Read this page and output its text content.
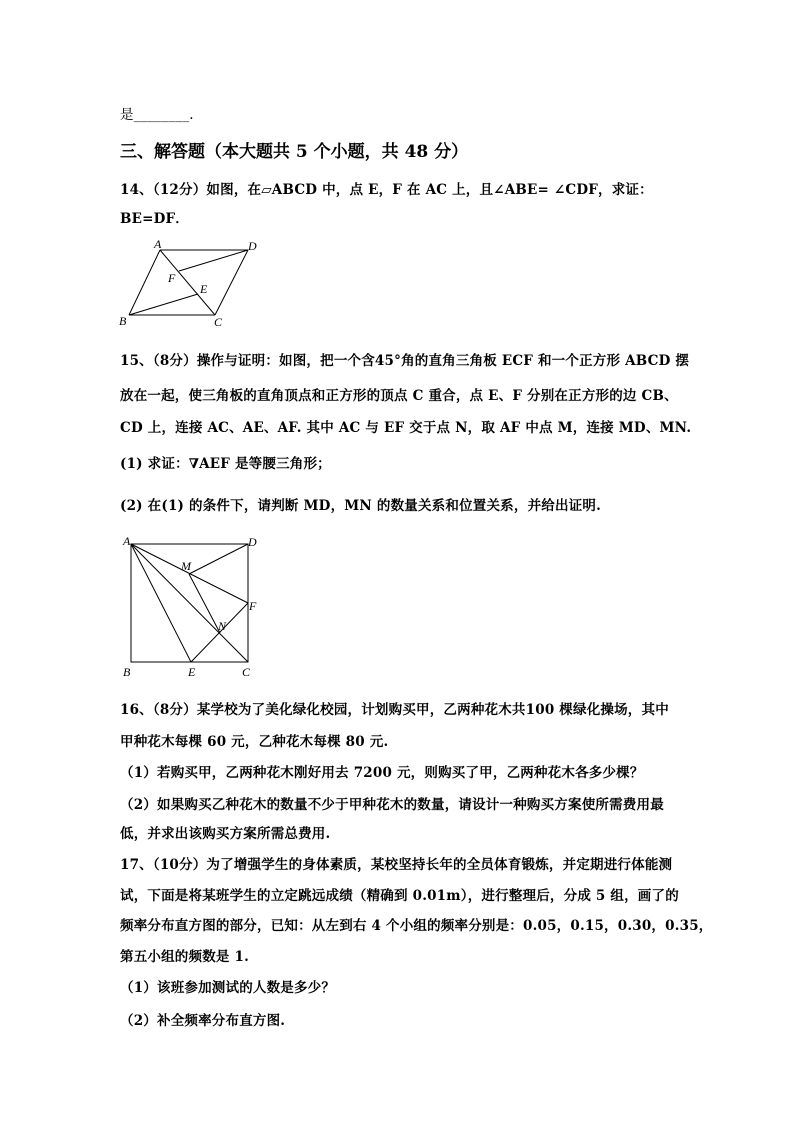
是________.
三、解答题（本大题共 5 个小题，共 48 分）
14、（12分）如图，在▱ABCD 中，点 E，F 在 AC 上，且∠ABE= ∠CDF，求证：
BE=DF．
A	D
F
E
B	C
15、（8分）操作与证明：如图，把一个含45°角的直角三角板 ECF 和一个正方形 ABCD 摆
放在一起，使三角板的直角顶点和正方形的顶点 C 重合，点 E、F 分别在正方形的边 CB、
CD 上，连接 AC、AE、AF. 其中 AC 与 EF 交于点 N，取 AF 中点 M，连接 MD、MN.
(1) 求证：∇AEF 是等腰三角形；
(2) 在(1) 的条件下，请判断 MD，MN 的数量关系和位置关系，并给出证明.
A	D
M
F
N
B	E	C
16、（8分）某学校为了美化绿化校园，计划购买甲，乙两种花木共100 棵绿化操场，其中
甲种花木每棵 60 元，乙种花木每棵 80 元.
（1）若购买甲，乙两种花木刚好用去 7200 元，则购买了甲，乙两种花木各多少棵？
（2）如果购买乙种花木的数量不少于甲种花木的数量，请设计一种购买方案使所需费用最
低，并求出该购买方案所需总费用.
17、（10分）为了增强学生的身体素质，某校坚持长年的全员体育锻炼，并定期进行体能测
试，下面是将某班学生的立定跳远成绩（精确到 0.01m），进行整理后，分成 5 组，画了的
频率分布直方图的部分，已知：从左到右 4 个小组的频率分别是：0.05，0.15，0.30，0.35，
第五小组的频数是 1.
（1）该班参加测试的人数是多少？
（2）补全频率分布直方图.
